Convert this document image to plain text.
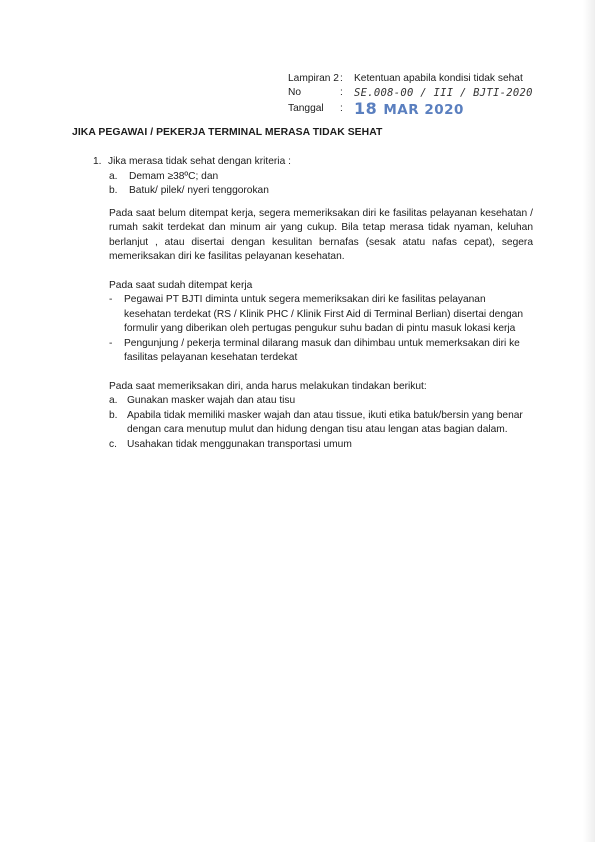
Lampiran 2 :	Ketentuan apabila kondisi tidak sehat
No	:	SE.008-00 / III / BJTI-2020
Tanggal	: 18 MAR 2020
JIKA PEGAWAI / PEKERJA TERMINAL MERASA TIDAK SEHAT
1. Jika merasa tidak sehat dengan kriteria :
a.	Demam ≥38ºC; dan
b.	Batuk/ pilek/ nyeri tenggorokan

Pada saat belum ditempat kerja, segera memeriksakan diri ke fasilitas pelayanan kesehatan / rumah sakit terdekat dan minum air yang cukup. Bila tetap merasa tidak nyaman, keluhan berlanjut , atau disertai dengan kesulitan bernafas (sesak atatu nafas cepat), segera memeriksakan diri ke fasilitas pelayanan kesehatan.

Pada saat sudah ditempat kerja

-	Pegawai PT BJTI diminta untuk segera memeriksakan diri ke fasilitas pelayanan kesehatan terdekat (RS / Klinik PHC / Klinik First Aid di Terminal Berlian) disertai dengan formulir yang diberikan oleh pertugas pengukur suhu badan di pintu masuk lokasi kerja
-	Pengunjung / pekerja terminal dilarang masuk dan dihimbau untuk memerksakan diri ke fasilitas pelayanan kesehatan terdekat

Pada saat memeriksakan diri, anda harus melakukan tindakan berikut:

a. Gunakan masker wajah dan atau tisu
b. Apabila tidak memiliki masker wajah dan atau tissue, ikuti etika batuk/bersin yang benar dengan cara menutup mulut dan hidung dengan tisu atau lengan atas bagian dalam.
c. Usahakan tidak menggunakan transportasi umum
